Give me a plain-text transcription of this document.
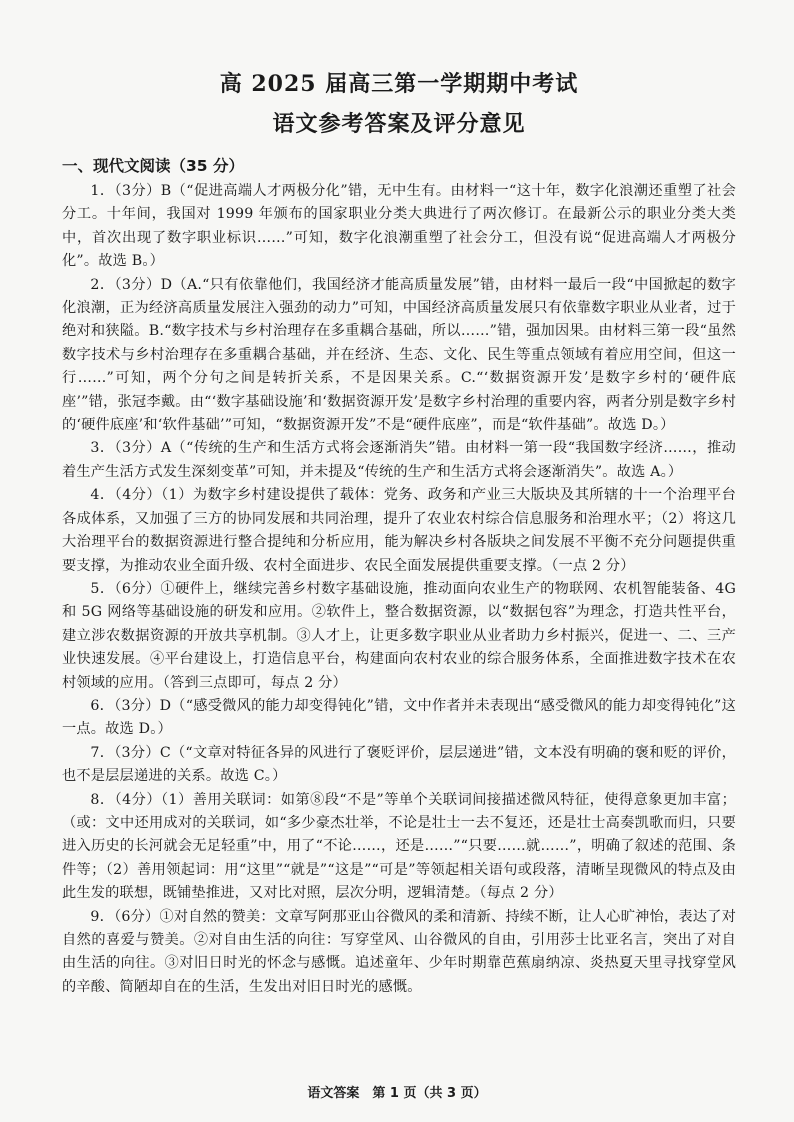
高 2025 届高三第一学期期中考试
语文参考答案及评分意见
一、现代文阅读（35 分）

1．（3分）B（“促进高端人才两极分化”错，无中生有。由材料一“这十年，数字化浪潮还重塑了社会分工。十年间，我国对 1999 年颁布的国家职业分类大典进行了两次修订。在最新公示的职业分类大类中，首次出现了数字职业标识……”可知，数字化浪潮重塑了社会分工，但没有说“促进高端人才两极分化”。故选 B。）

2．（3分）D（A.“只有依靠他们，我国经济才能高质量发展”错，由材料一最后一段“中国掀起的数字化浪潮，正为经济高质量发展注入强劲的动力”可知，中国经济高质量发展只有依靠数字职业从业者，过于绝对和狭隘。B.“数字技术与乡村治理存在多重耦合基础，所以……”错，强加因果。由材料三第一段“虽然数字技术与乡村治理存在多重耦合基础，并在经济、生态、文化、民生等重点领域有着应用空间，但这一行……”可知，两个分句之间是转折关系，不是因果关系。C.“‘数据资源开发’是数字乡村的‘硬件底座’”错，张冠李戴。由“‘数字基础设施’和‘数据资源开发’是数字乡村治理的重要内容，两者分别是数字乡村的‘硬件底座’和‘软件基础’”可知，“数据资源开发”不是“硬件底座”，而是“软件基础”。故选 D。）

3．（3分）A（“传统的生产和生活方式将会逐渐消失”错。由材料一第一段“我国数字经济……，推动着生产生活方式发生深刻变革”可知，并未提及“传统的生产和生活方式将会逐渐消失”。故选 A。）

4．（4分）（1）为数字乡村建设提供了载体：党务、政务和产业三大版块及其所辖的十一个治理平台各成体系，又加强了三方的协同发展和共同治理，提升了农业农村综合信息服务和治理水平；（2）将这几大治理平台的数据资源进行整合提纯和分析应用，能为解决乡村各版块之间发展不平衡不充分问题提供重要支撑，为推动农业全面升级、农村全面进步、农民全面发展提供重要支撑。（一点 2 分）

5．（6分）①硬件上，继续完善乡村数字基础设施，推动面向农业生产的物联网、农机智能装备、4G 和 5G 网络等基础设施的研发和应用。②软件上，整合数据资源，以“数据包容”为理念，打造共性平台，建立涉农数据资源的开放共享机制。③人才上，让更多数字职业从业者助力乡村振兴，促进一、二、三产业快速发展。④平台建设上，打造信息平台，构建面向农村农业的综合服务体系，全面推进数字技术在农村领域的应用。（答到三点即可，每点 2 分）

6．（3分）D（“感受微风的能力却变得钝化”错，文中作者并未表现出“感受微风的能力却变得钝化”这一点。故选 D。）

7．（3分）C（“文章对特征各异的风进行了褒贬评价，层层递进”错，文本没有明确的褒和贬的评价，也不是层层递进的关系。故选 C。）

8．（4分）（1）善用关联词：如第⑧段“不是”等单个关联词间接描述微风特征，使得意象更加丰富；（或：文中还用成对的关联词，如“多少豪杰壮举，不论是壮士一去不复还，还是壮士高奏凯歌而归，只要进入历史的长河就会无足轻重”中，用了“不论……，还是……”“只要……就……”，明确了叙述的范围、条件等；（2）善用领起词：用“这里”“就是”“这是”“可是”等领起相关语句或段落，清晰呈现微风的特点及由此生发的联想，既铺垫推进，又对比对照，层次分明，逻辑清楚。（每点 2 分）

9．（6分）①对自然的赞美：文章写阿那亚山谷微风的柔和清新、持续不断，让人心旷神怡，表达了对自然的喜爱与赞美。②对自由生活的向往：写穿堂风、山谷微风的自由，引用莎士比亚名言，突出了对自由生活的向往。③对旧日时光的怀念与感慨。追述童年、少年时期靠芭蕉扇纳凉、炎热夏天里寻找穿堂风的辛酸、简陋却自在的生活，生发出对旧日时光的感慨。

语文答案　第 1 页（共 3 页）
